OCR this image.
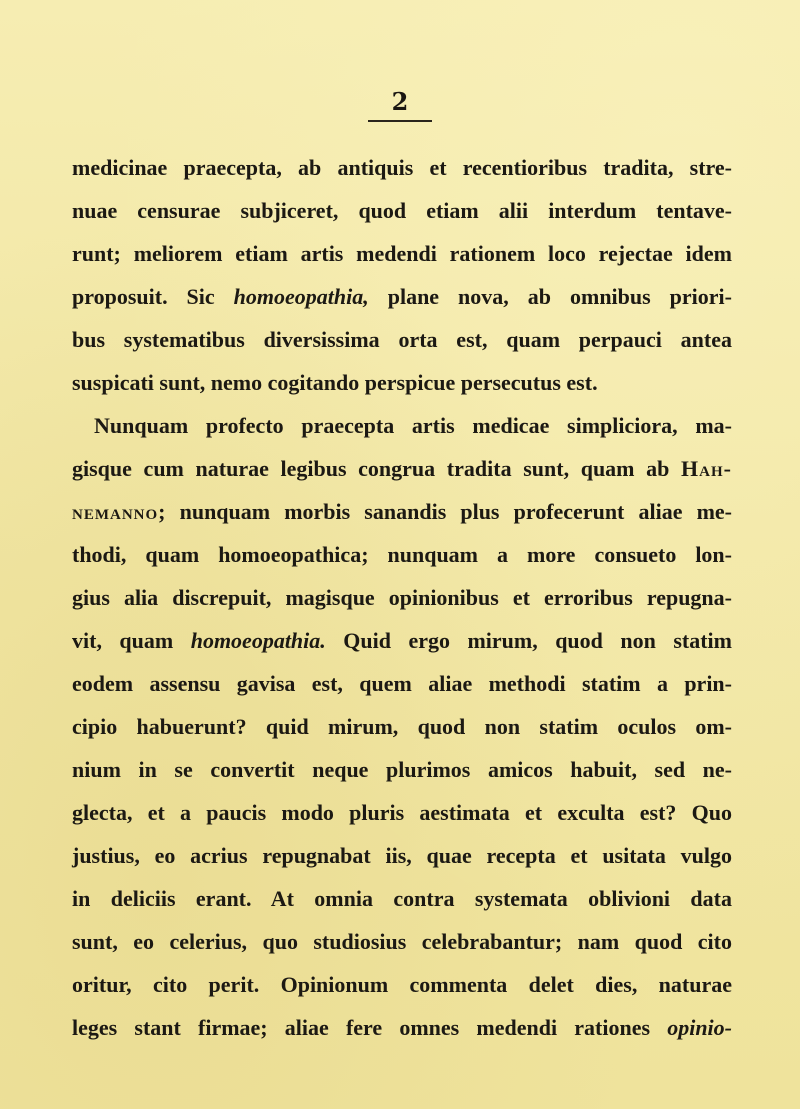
2
medicinae praecepta, ab antiquis et recentioribus tradita, stre-
nuae censurae subjiceret, quod etiam alii interdum tentave-
runt; meliorem etiam artis medendi rationem loco rejectae idem
proposuit. Sic homoeopathia, plane nova, ab omnibus priori-
bus systematibus diversissima orta est, quam perpauci antea
suspicati sunt, nemo cogitando perspicue persecutus est.
Nunquam profecto praecepta artis medicae simpliciora, ma-
gisque cum naturae legibus congrua tradita sunt, quam ab Hah-
nemanno; nunquam morbis sanandis plus profecerunt aliae me-
thodi, quam homoeopathica; nunquam a more consueto lon-
gius alia discrepuit, magisque opinionibus et erroribus repugna-
vit, quam homoeopathia. Quid ergo mirum, quod non statim
eodem assensu gavisa est, quem aliae methodi statim a prin-
cipio habuerunt? quid mirum, quod non statim oculos om-
nium in se convertit neque plurimos amicos habuit, sed ne-
glecta, et a paucis modo pluris aestimata et exculta est? Quo
justius, eo acrius repugnabat iis, quae recepta et usitata vulgo
in deliciis erant. At omnia contra systemata oblivioni data
sunt, eo celerius, quo studiosius celebrabantur; nam quod cito
oritur, cito perit. Opinionum commenta delet dies, naturae
leges stant firmae; aliae fere omnes medendi rationes opinio-
